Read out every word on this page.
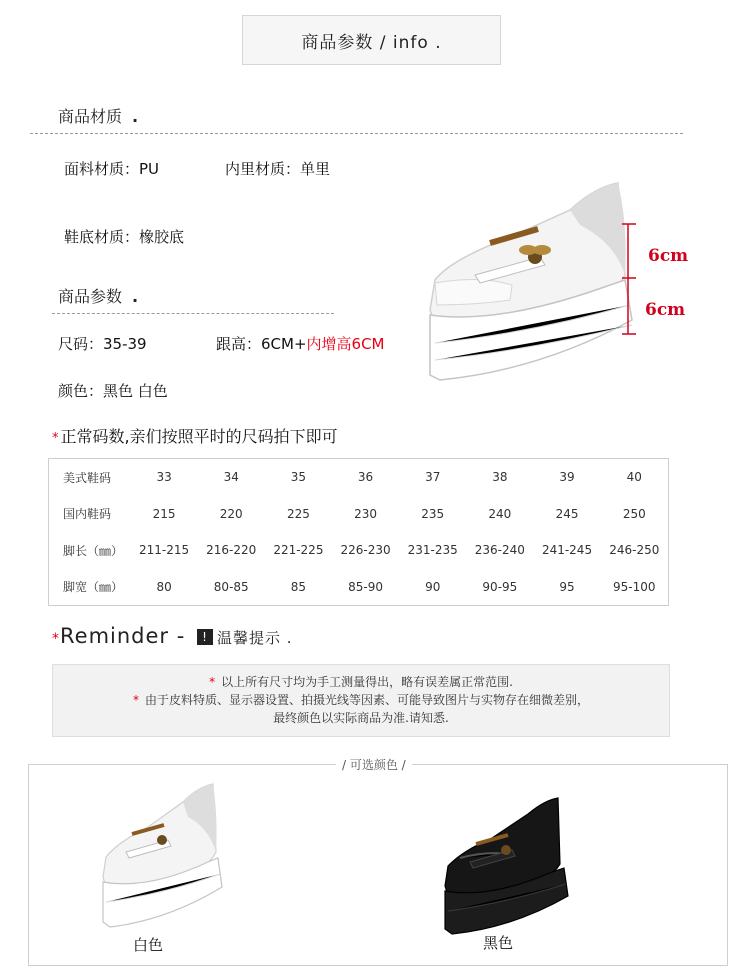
商品参数 / info .
商品材质 .
面料材质：PU	内里材质：单里
鞋底材质：橡胶底
商品参数 .
尺码：35-39	跟高：6CM+内增高6CM
颜色：黑色 白色
6cm
6cm
* 正常码数,亲们按照平时的尺码拍下即可
美式鞋码	33	34	35	36	37	38	39	40
国内鞋码	215	220	225	230	235	240	245	250
脚长（㎜）	211-215	216-220	221-225	226-230	231-235	236-240	241-245	246-250
脚宽（㎜）	80	80-85	85	85-90	90	90-95	95	95-100
*Reminder - ! 温馨提示 .
* 以上所有尺寸均为手工测量得出，略有误差属正常范围.
* 由于皮料特质、显示器设置、拍摄光线等因素、可能导致图片与实物存在细微差别，
最终颜色以实际商品为准.请知悉.
/ 可选颜色 /
白色	黑色
